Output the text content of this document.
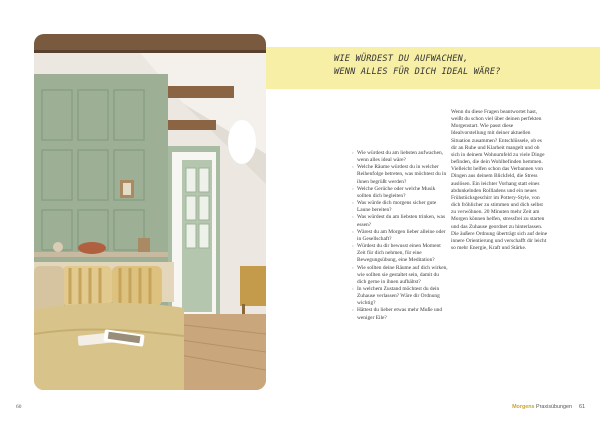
WIE WÜRDEST DU AUFWACHEN,
WENN ALLES FÜR DICH IDEAL WÄRE?
› Wie würdest du am liebsten aufwachen, wenn alles ideal wäre?
› Welche Räume würdest du in welcher Reihenfolge betreten, was möchtest du in ihnen begrüßt werden?
› Welche Gerüche oder welche Musik sollten dich begleiten?
› Was würde dich morgens sicher gute Laune bereiten?
› Was würdest du am liebsten trinken, was essen?
› Wärest du am Morgen lieber alleine oder in Gesellschaft?
› Würdest du dir bewusst einen Moment Zeit für dich nehmen, für eine Bewegungsübung, eine Meditation?
› Wie sollten deine Räume auf dich wirken, wie sollten sie gestaltet sein, damit du dich gerne in ihnen aufhältst?
› In welchem Zustand möchtest du dein Zuhause verlassen? Wäre dir Ordnung wichtig?
› Hättest du lieber etwas mehr Muße und weniger Eile?

Wenn du diese Fragen beantwortet hast, weißt du schon viel über deinen perfekten Morgenstart. Wie passt diese Idealvorstellung mit deiner aktuellen Situation zusammen? Entschlüssele, ob es dir an Ruhe und Klarheit mangelt und ob sich in deinem Wohnumfeld zu viele Dinge befinden, die dein Wohlbefinden hemmen. Vielleicht helfen schon das Verbannen von Dingen aus deinem Blickfeld, die Stress auslösen. Ein leichter Vorhang statt eines abdunkelnden Rollladens und ein neues Frühstücksgeschirr im Pottery-Style, von dich fröhlicher zu stimmen und dich selbst zu verwöhnen. 20 Minuten mehr Zeit am Morgen können helfen, stressfrei zu starten und das Zuhause geordnet zu hinterlassen. Die äußere Ordnung überträgt sich auf deine innere Orientierung und verschafft dir leicht so mehr Energie, Kraft und Stärke.

60	Morgens Praxisübungen 61
